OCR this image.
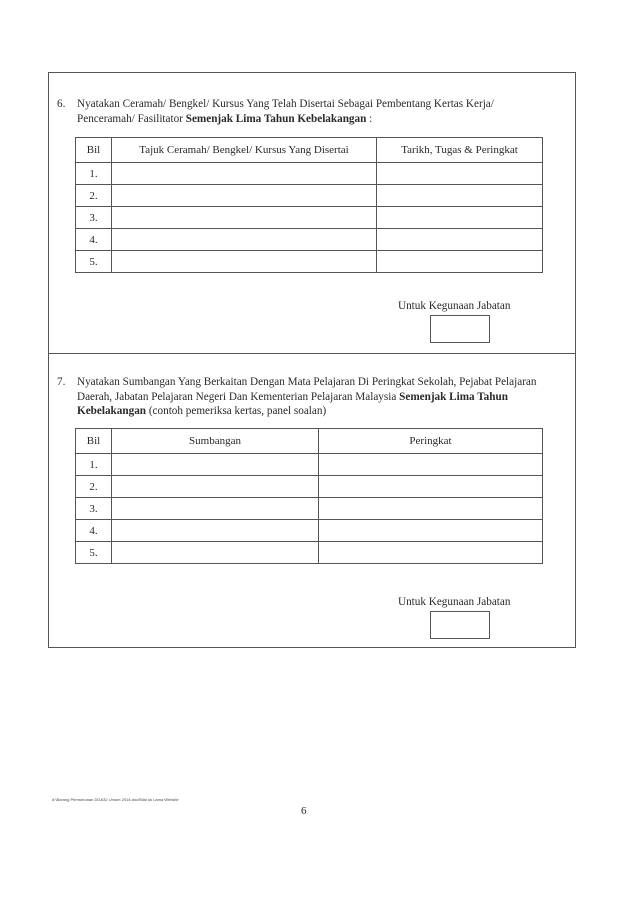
6. Nyatakan Ceramah/ Bengkel/ Kursus Yang Telah Disertai Sebagai Pembentang Kertas Kerja/
Penceramah/ Fasilitator Semenjak Lima Tahun Kebelakangan :
Bil	Tajuk Ceramah/ Bengkel/ Kursus Yang Disertai	Tarikh, Tugas & Peringkat
1.		
2.		
3.		
4.		
5.		
Untuk Kegunaan Jabatan
7. Nyatakan Sumbangan Yang Berkaitan Dengan Mata Pelajaran Di Peringkat Sekolah, Pejabat Pelajaran
Daerah, Jabatan Pelajaran Negeri Dan Kementerian Pelajaran Malaysia Semenjak Lima Tahun
Kebelakangan (contoh pemeriksa kertas, panel soalan)
Bil	Sumbangan	Peringkat
1.		
2.		
3.		
4.		
5.		
Untuk Kegunaan Jabatan
d:\Borang Permohonan DGA32 Umum 2014.doc/Bilal uk Lama Website
6
